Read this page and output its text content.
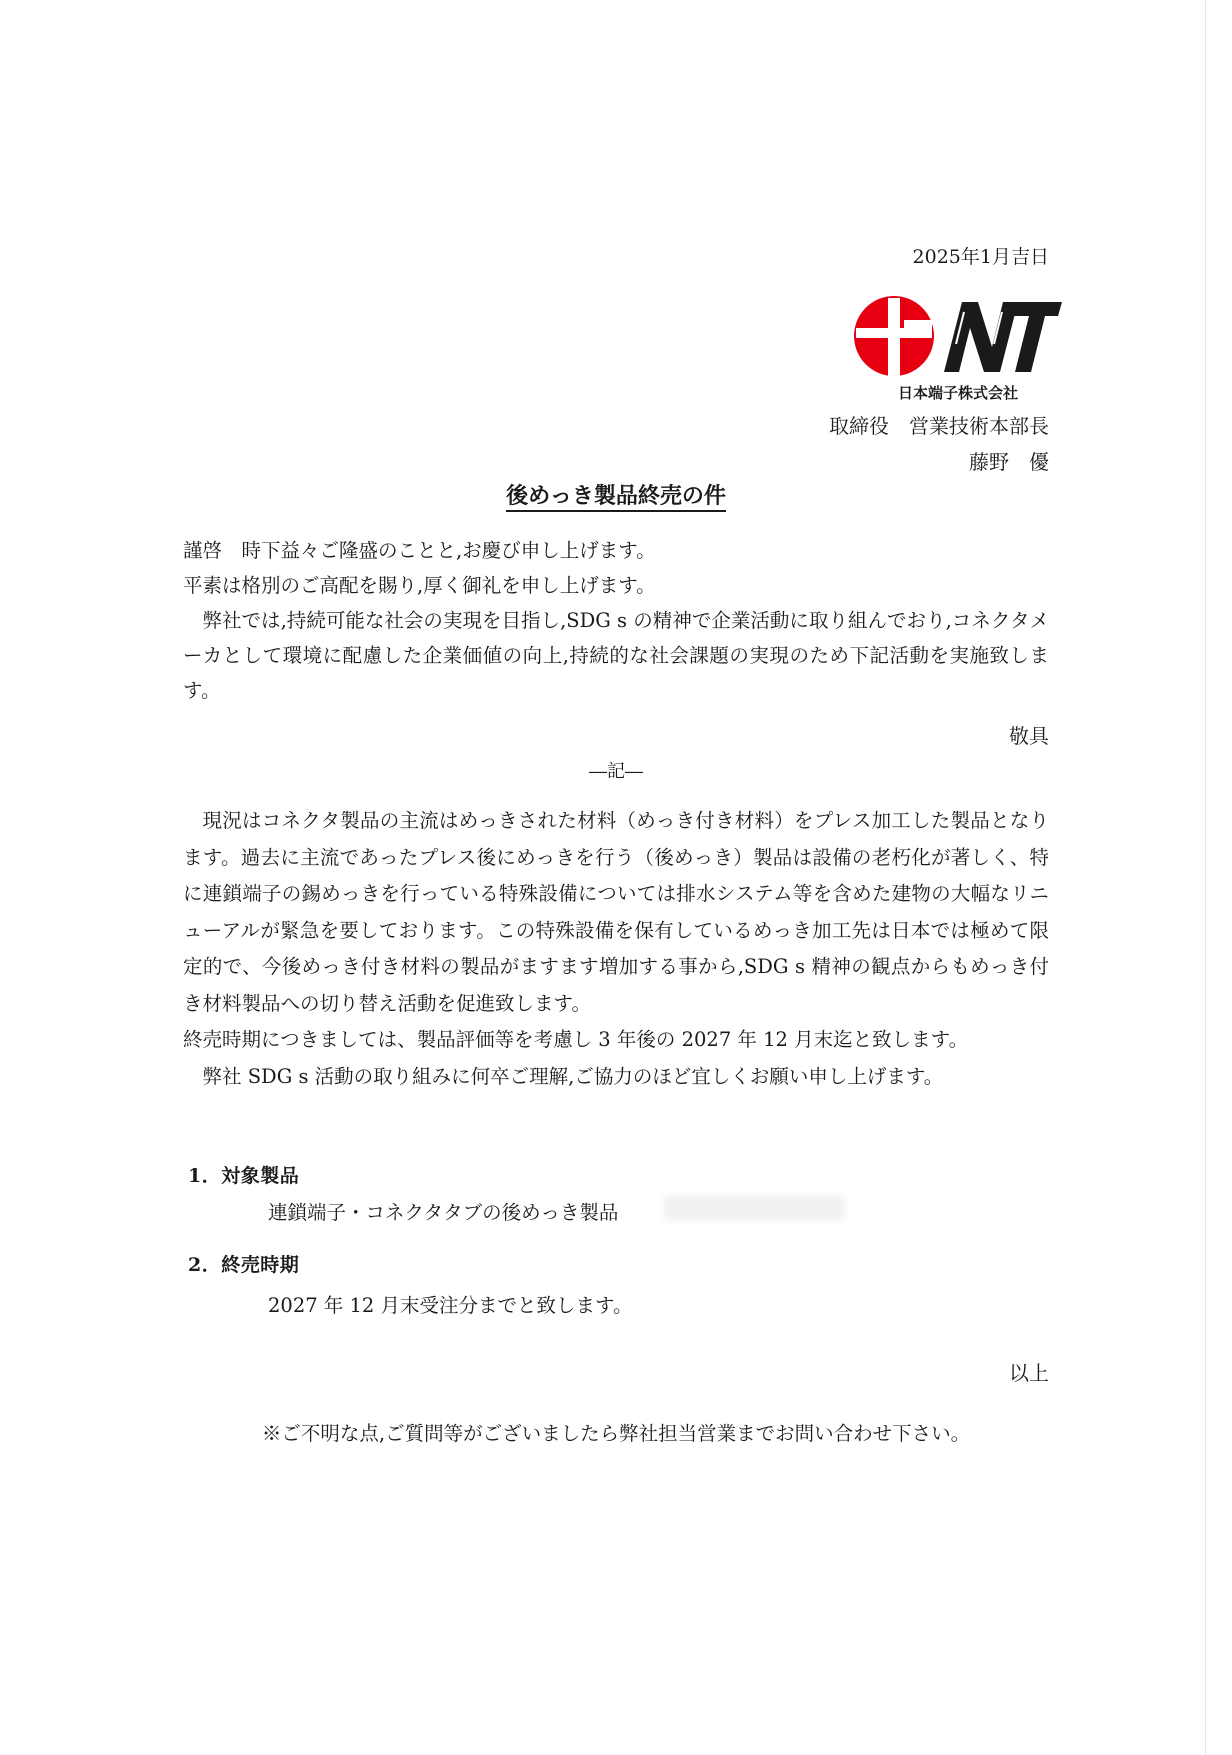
2025年1月吉日
日本端子株式会社
取締役　営業技術本部長
藤野　優
後めっき製品終売の件
謹啓　時下益々ご隆盛のことと,お慶び申し上げます。
平素は格別のご高配を賜り,厚く御礼を申し上げます。
弊社では,持続可能な社会の実現を目指し,SDG s の精神で企業活動に取り組んでおり,コネクタメーカとして環境に配慮した企業価値の向上,持続的な社会課題の実現のため下記活動を実施致します。
敬具
―記―
現況はコネクタ製品の主流はめっきされた材料（めっき付き材料）をプレス加工した製品となります。過去に主流であったプレス後にめっきを行う（後めっき）製品は設備の老朽化が著しく、特に連鎖端子の錫めっきを行っている特殊設備については排水システム等を含めた建物の大幅なリニューアルが緊急を要しております。この特殊設備を保有しているめっき加工先は日本では極めて限定的で、今後めっき付き材料の製品がますます増加する事から,SDG s 精神の観点からもめっき付き材料製品への切り替え活動を促進致します。
終売時期につきましては、製品評価等を考慮し 3 年後の 2027 年 12 月末迄と致します。
弊社 SDG s 活動の取り組みに何卒ご理解,ご協力のほど宜しくお願い申し上げます。
1．対象製品
連鎖端子・コネクタタブの後めっき製品
2．終売時期
2027 年 12 月末受注分までと致します。
以上
※ご不明な点,ご質問等がございましたら弊社担当営業までお問い合わせ下さい。
